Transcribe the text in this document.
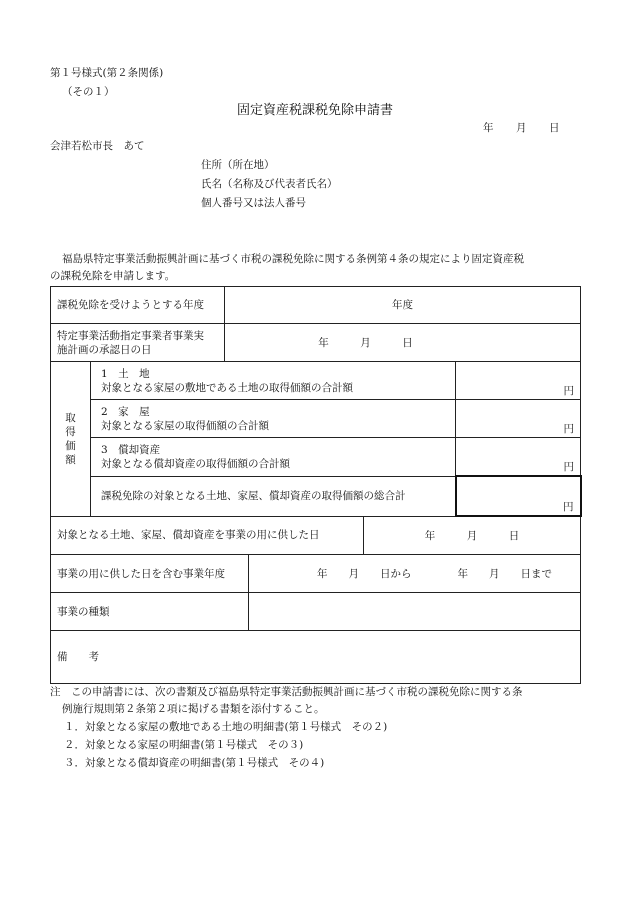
第１号様式(第２条関係)
（その１）
固定資産税課税免除申請書
年　　月　　日
会津若松市長　あて
住所（所在地）
氏名（名称及び代表者氏名）
個人番号又は法人番号
福島県特定事業活動振興計画に基づく市税の課税免除に関する条例第４条の規定により固定資産税
の課税免除を申請します。
課税免除を受けようとする年度		年度			
特定事業活動指定事業者事業実
施計画の承認日の日		年　　　月　　　日			
取
得
価
額	1　土　地
対象となる家屋の敷地である土地の取得価額の合計額				円
	2　家　屋
対象となる家屋の取得価額の合計額				円
	3　償却資産
対象となる償却資産の取得価額の合計額				円
	課税免除の対象となる土地、家屋、償却資産の取得価額の総合計				円
対象となる土地、家屋、償却資産を事業の用に供した日				年　　　月　　　日	
事業の用に供した日を含む事業年度			年　　月　　日から 年　　月　　日まで		
事業の種類					
備　　考					
注　この申請書には、次の書類及び福島県特定事業活動振興計画に基づく市税の課税免除に関する条
例施行規則第２条第２項に掲げる書類を添付すること。
１．対象となる家屋の敷地である土地の明細書(第１号様式　その２)
２．対象となる家屋の明細書(第１号様式　その３)
３．対象となる償却資産の明細書(第１号様式　その４)
